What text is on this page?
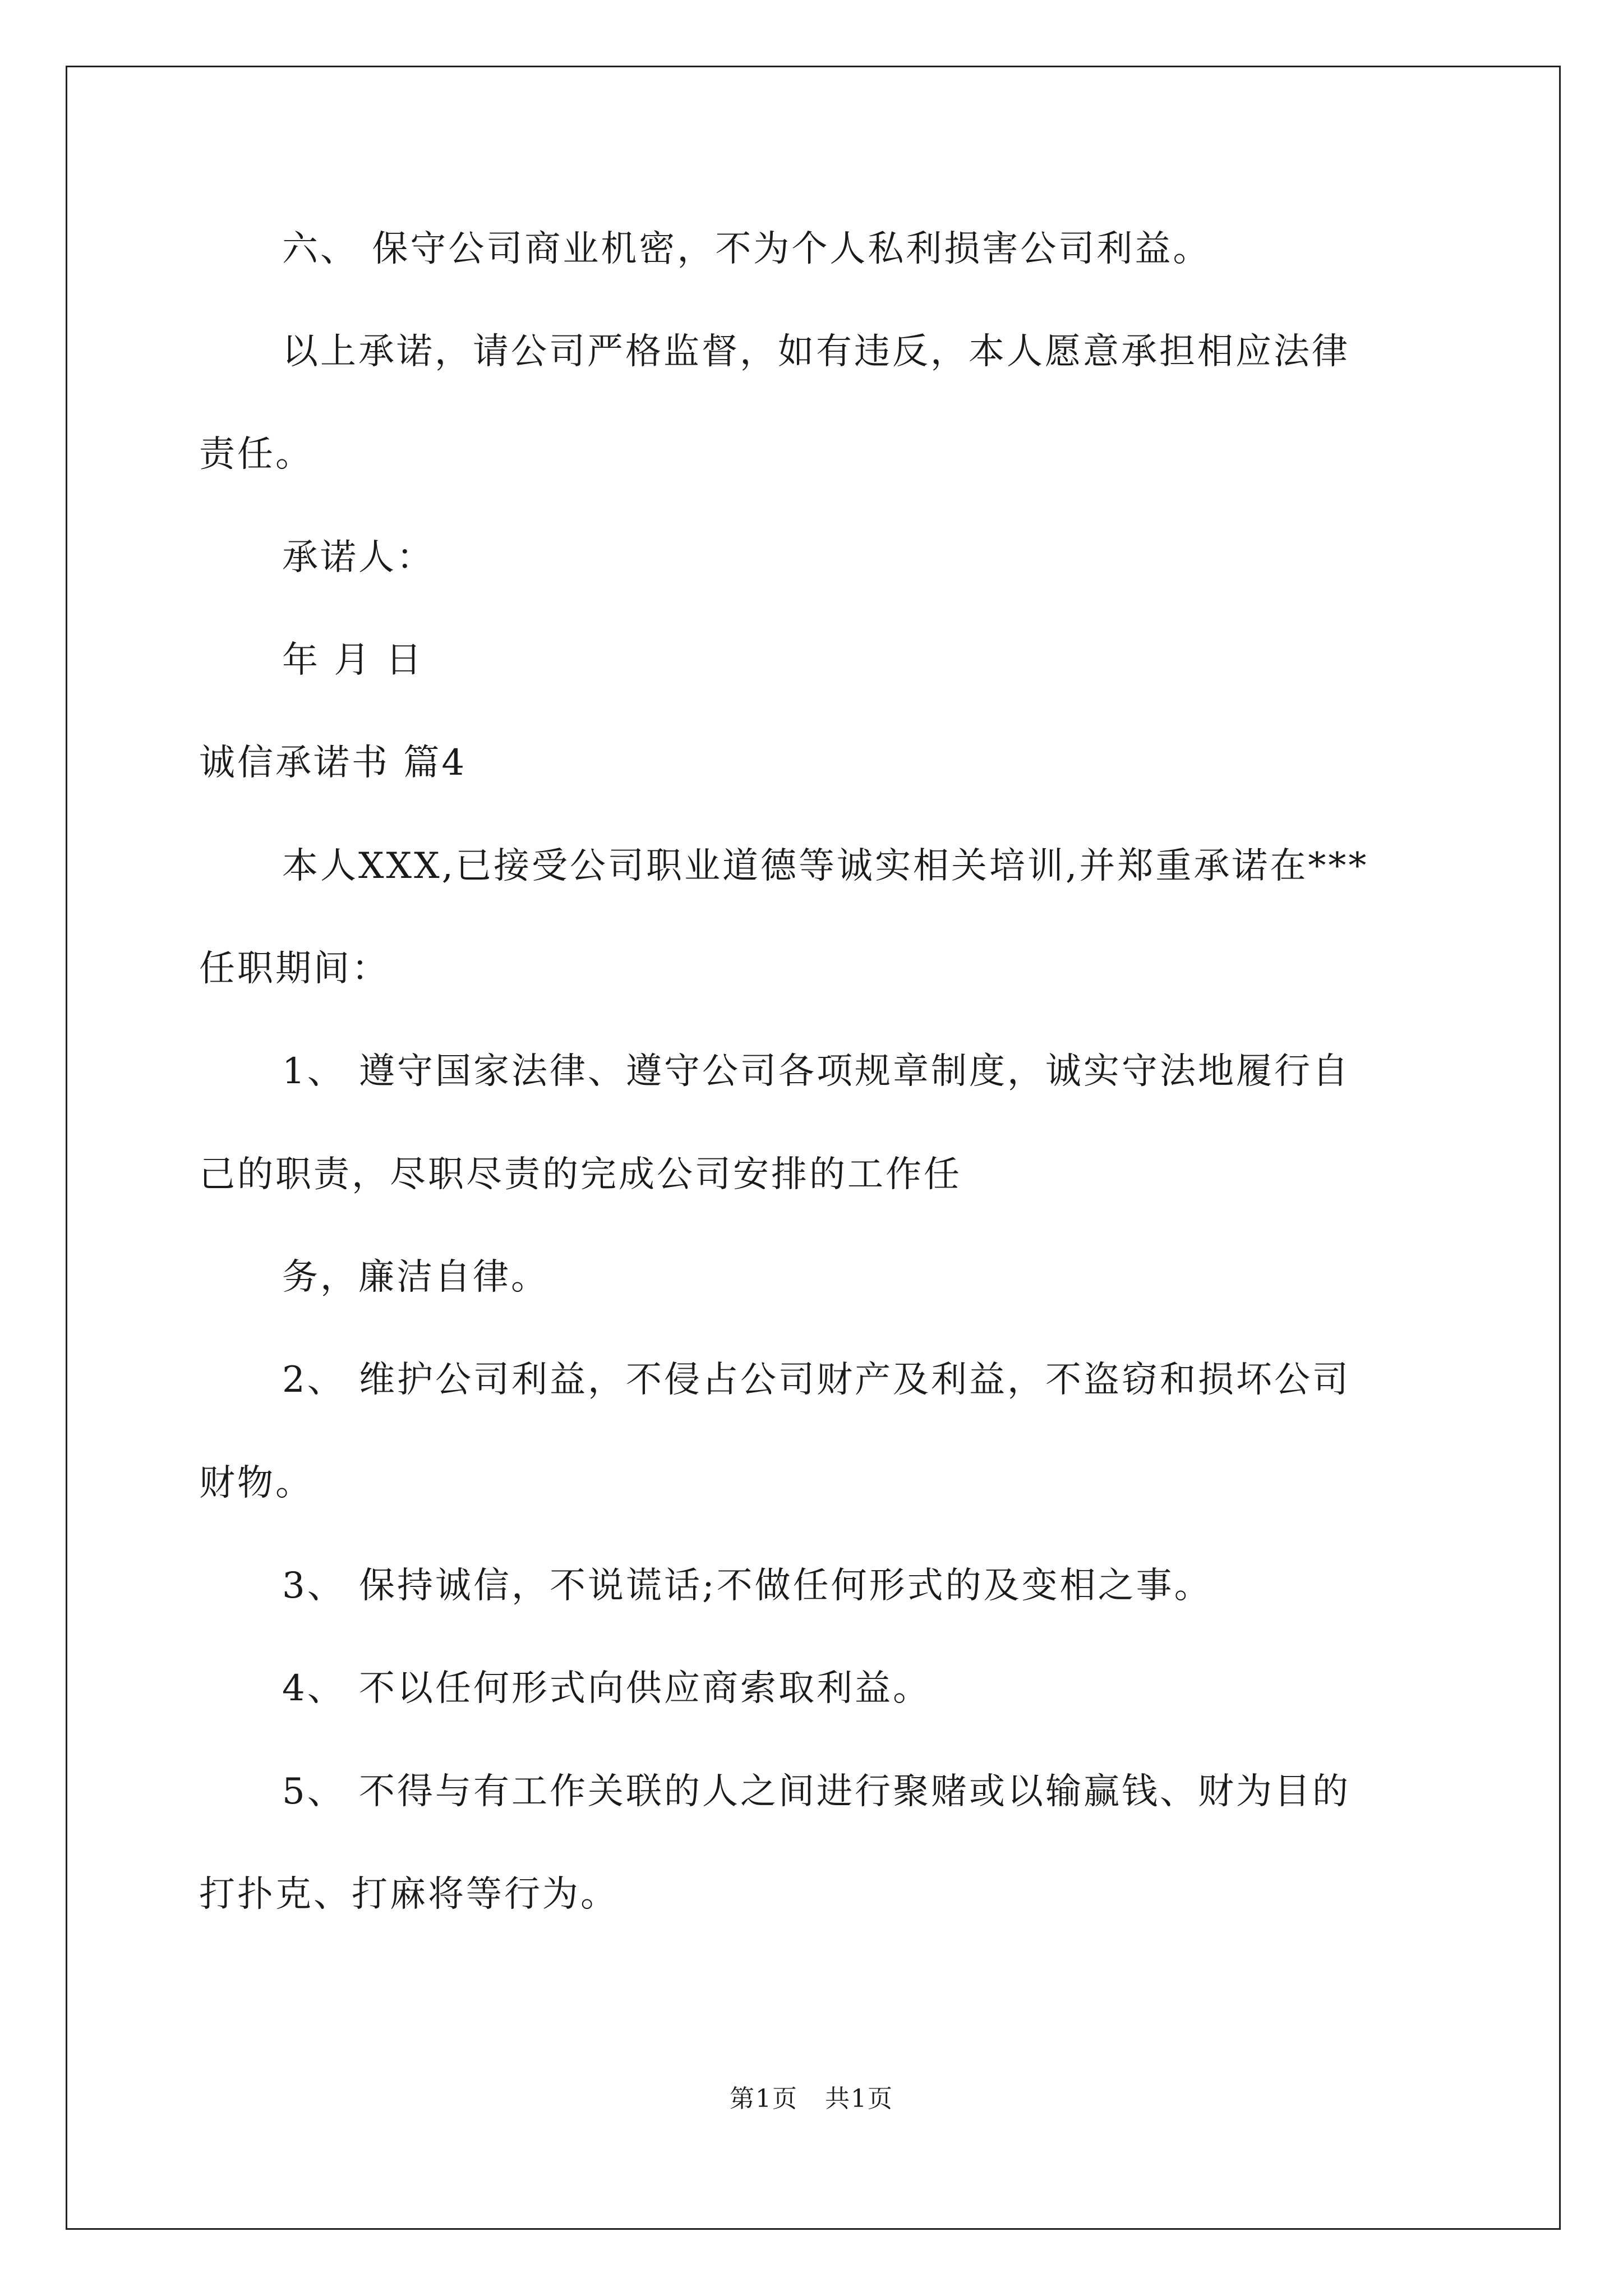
六、 保守公司商业机密，不为个人私利损害公司利益。
以上承诺，请公司严格监督，如有违反，本人愿意承担相应法律
责任。
承诺人：
年 月 日
诚信承诺书 篇4
本人XXX,已接受公司职业道德等诚实相关培训,并郑重承诺在***
任职期间：
1、 遵守国家法律、遵守公司各项规章制度，诚实守法地履行自
己的职责，尽职尽责的完成公司安排的工作任
务，廉洁自律。
2、 维护公司利益，不侵占公司财产及利益，不盗窃和损坏公司
财物。
3、 保持诚信，不说谎话;不做任何形式的及变相之事。
4、 不以任何形式向供应商索取利益。
5、 不得与有工作关联的人之间进行聚赌或以输赢钱、财为目的
打扑克、打麻将等行为。
第1页   共1页
